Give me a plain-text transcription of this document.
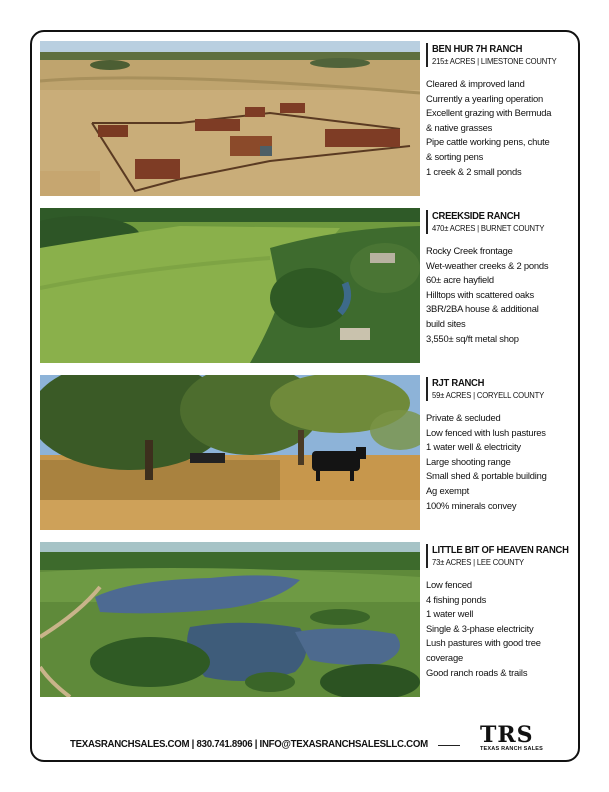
BEN HUR 7H RANCH
215± ACRES | LIMESTONE COUNTY
Cleared & improved land
Currently a yearling operation
Excellent grazing with Bermuda
& native grasses
Pipe cattle working pens, chute
& sorting pens
1 creek & 2 small ponds
CREEKSIDE RANCH
470± ACRES | BURNET COUNTY
Rocky Creek frontage
Wet-weather creeks & 2 ponds
60± acre hayfield
Hilltops with scattered oaks
3BR/2BA house & additional
build sites
3,550± sq/ft metal shop
RJT RANCH
59± ACRES | CORYELL COUNTY
Private & secluded
Low fenced with lush pastures
1 water well & electricity
Large shooting range
Small shed & portable building
Ag exempt
100% minerals convey
LITTLE BIT OF HEAVEN RANCH
73± ACRES | LEE COUNTY
Low fenced
4 fishing ponds
1 water well
Single & 3-phase electricity
Lush pastures with good tree
coverage
Good ranch roads & trails
TEXASRANCHSALES.COM | 830.741.8906 | INFO@TEXASRANCHSALESLLC.COM TRS
TEXAS RANCH SALES
